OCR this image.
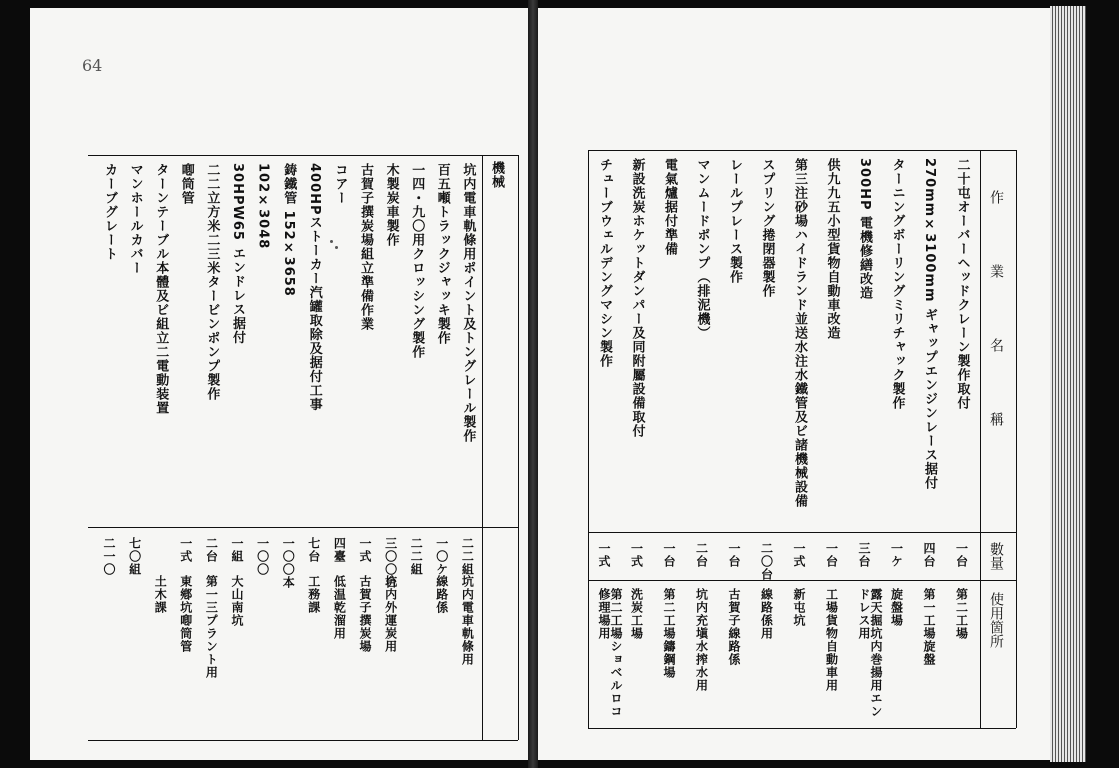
64
機械
坑内電車軌條用ポイント及トングレール製作
二二組
坑内電車軌條用
百五噸トラックジャッキ製作
一〇ケ
線路係
一四・九〇用クロッシング製作
二二組
木製炭車製作
三〇〇台
坑内外運炭用
古賀子撰炭場組立準備作業
一式
古賀子撰炭場
コアー
四臺
低温乾溜用
400HPストーカー汽罐取除及据付工事
七台
工務課
鋳鐵管 152×3658
一〇〇本
102×3048
一〇〇
30HPW65 エンドレス据付
一組
大山南坑
二二立方米二三米タービンポンプ製作
二台
第一三プラント用
喞筒管
一式
東鄕坑喞筒管
ターンテーブル本體及ビ組立二電動装置
土木課
マンホールカバー
七〇組
カーブグレート
二一〇
作業名稱
數量
使用箇所
二十屯オーバーヘッドクレーン製作取付
一台
第二工場
270mm×3100mm ギャップエンジンレース据付
四台
第一工場旋盤
ターニングボーリングミリチャック製作
一ケ
旋盤場
300HP 電機修繕改造
三台
露天掘坑内巻揚用エンドレス用
供九九五小型貨物自動車改造
一台
工場貨物自動車用
第三注砂場ハイドランド並送水注水鐵管及ビ諸機械設備
一式
新屯坑
スプリング捲閉器製作
二〇台
線路係用
レールプレース製作
一台
古賀子線路係
マンムードポンプ（排泥機）
二台
坑内充塡水搾水用
電氣爐据付準備
一台
第二工場鑄鋼場
新設洗炭ホケットダンパー及同附屬設備取付
一式
洗炭工場
チューブウェルデングマシン製作
一式
第二工場ショベルロコ修理場用
